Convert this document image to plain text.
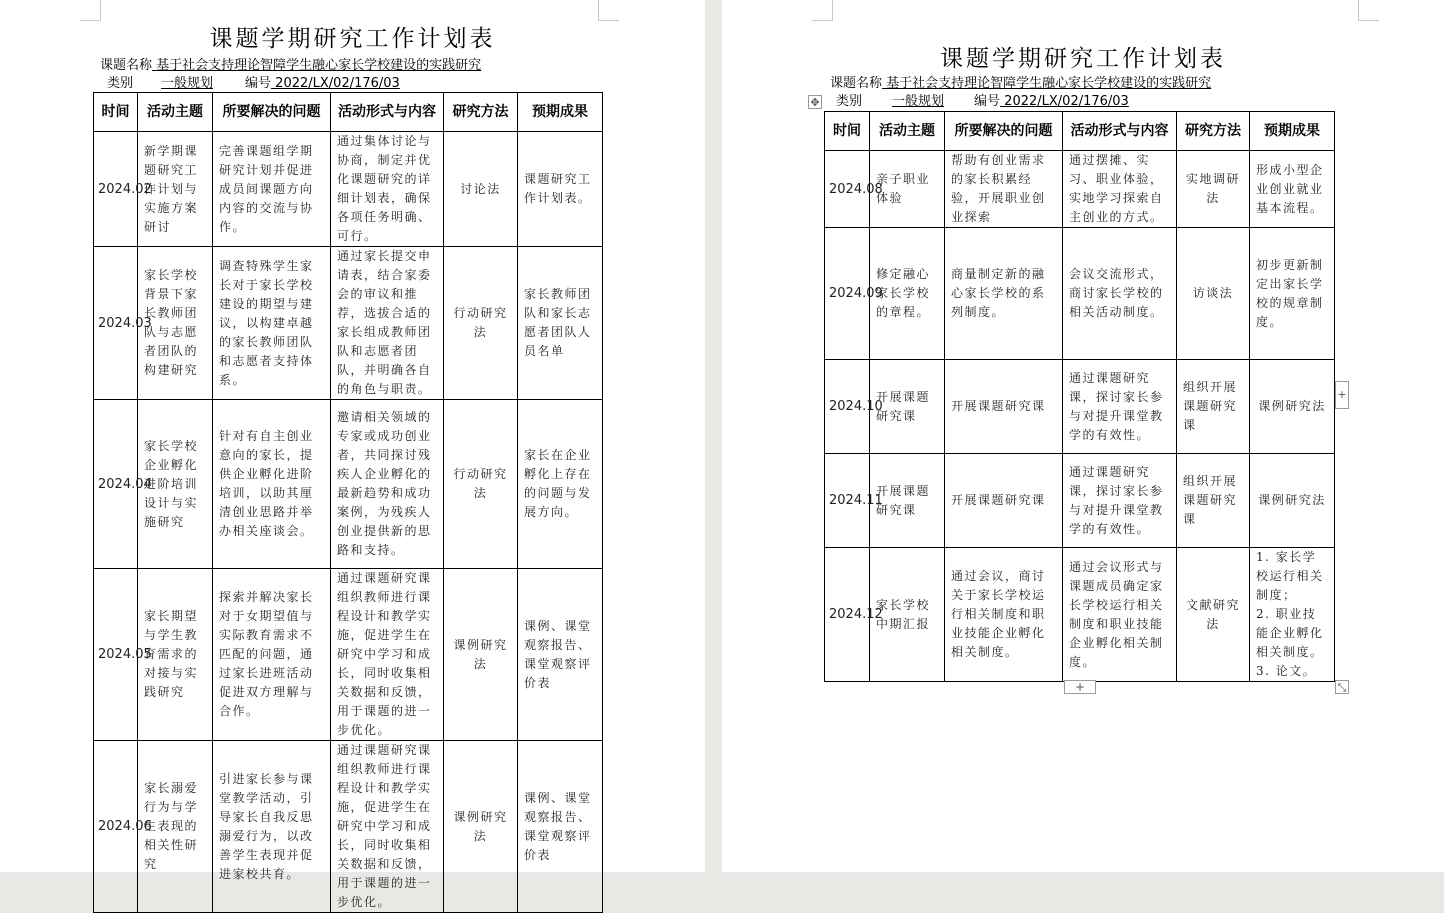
课题学期研究工作计划表
课题名称 基于社会支持理论智障学生融心家长学校建设的实践研究
类别 一般规划 编号 2022/LX/02/176/03
时间	活动主题	所要解决的问题	活动形式与内容	研究方法	预期成果
2024.02	新学期课题研究工作计划与实施方案研讨	完善课题组学期研究计划并促进成员间课题方向内容的交流与协作。	通过集体讨论与协商，制定并优化课题研究的详细计划表，确保各项任务明确、可行。	讨论法	课题研究工作计划表。
2024.03	家长学校背景下家长教师团队与志愿者团队的构建研究	调查特殊学生家长对于家长学校建设的期望与建议，以构建卓越的家长教师团队和志愿者支持体系。	通过家长提交申请表，结合家委会的审议和推荐，选拔合适的家长组成教师团队和志愿者团队，并明确各自的角色与职责。	行动研究法	家长教师团队和家长志愿者团队人员名单
2024.04	家长学校企业孵化进阶培训设计与实施研究	针对有自主创业意向的家长，提供企业孵化进阶培训，以助其厘清创业思路并举办相关座谈会。	邀请相关领域的专家或成功创业者，共同探讨残疾人企业孵化的最新趋势和成功案例，为残疾人创业提供新的思路和支持。	行动研究法	家长在企业孵化上存在的问题与发展方向。
2024.05	家长期望与学生教育需求的对接与实践研究	探索并解决家长对于女期望值与实际教育需求不匹配的问题，通过家长进班活动促进双方理解与合作。	通过课题研究课组织教师进行课程设计和教学实施，促进学生在研究中学习和成长，同时收集相关数据和反馈，用于课题的进一步优化。	课例研究法	课例、课堂观察报告、课堂观察评价表
2024.06	家长溺爱行为与学生表现的相关性研究	引进家长参与课堂教学活动，引导家长自我反思溺爱行为，以改善学生表现并促进家校共育。	通过课题研究课组织教师进行课程设计和教学实施，促进学生在研究中学习和成长，同时收集相关数据和反馈，用于课题的进一步优化。	课例研究法	课例、课堂观察报告、课堂观察评价表
课题学期研究工作计划表
课题名称 基于社会支持理论智障学生融心家长学校建设的实践研究
类别 一般规划 编号 2022/LX/02/176/03
✥
时间	活动主题	所要解决的问题	活动形式与内容	研究方法	预期成果
2024.08	亲子职业体验	帮助有创业需求的家长积累经验，开展职业创业探索	通过摆摊、实习、职业体验，实地学习探索自主创业的方式。	实地调研法	形成小型企业创业就业基本流程。
2024.09	修定融心家长学校的章程。	商量制定新的融心家长学校的系列制度。	会议交流形式，商讨家长学校的相关活动制度。	访谈法	初步更新制定出家长学校的规章制度。
2024.10	开展课题研究课	开展课题研究课	通过课题研究课，探讨家长参与对提升课堂教学的有效性。	组织开展课题研究课	课例研究法
2024.11	开展课题研究课	开展课题研究课	通过课题研究课，探讨家长参与对提升课堂教学的有效性。	组织开展课题研究课	课例研究法
2024.12	家长学校中期汇报	通过会议，商讨关于家长学校运行相关制度和职业技能企业孵化相关制度。	通过会议形式与课题成员确定家长学校运行相关制度和职业技能企业孵化相关制度。	文献研究法	1. 家长学校运行相关制度；
2. 职业技能企业孵化相关制度。
3. 论文。
+
+	⤡
